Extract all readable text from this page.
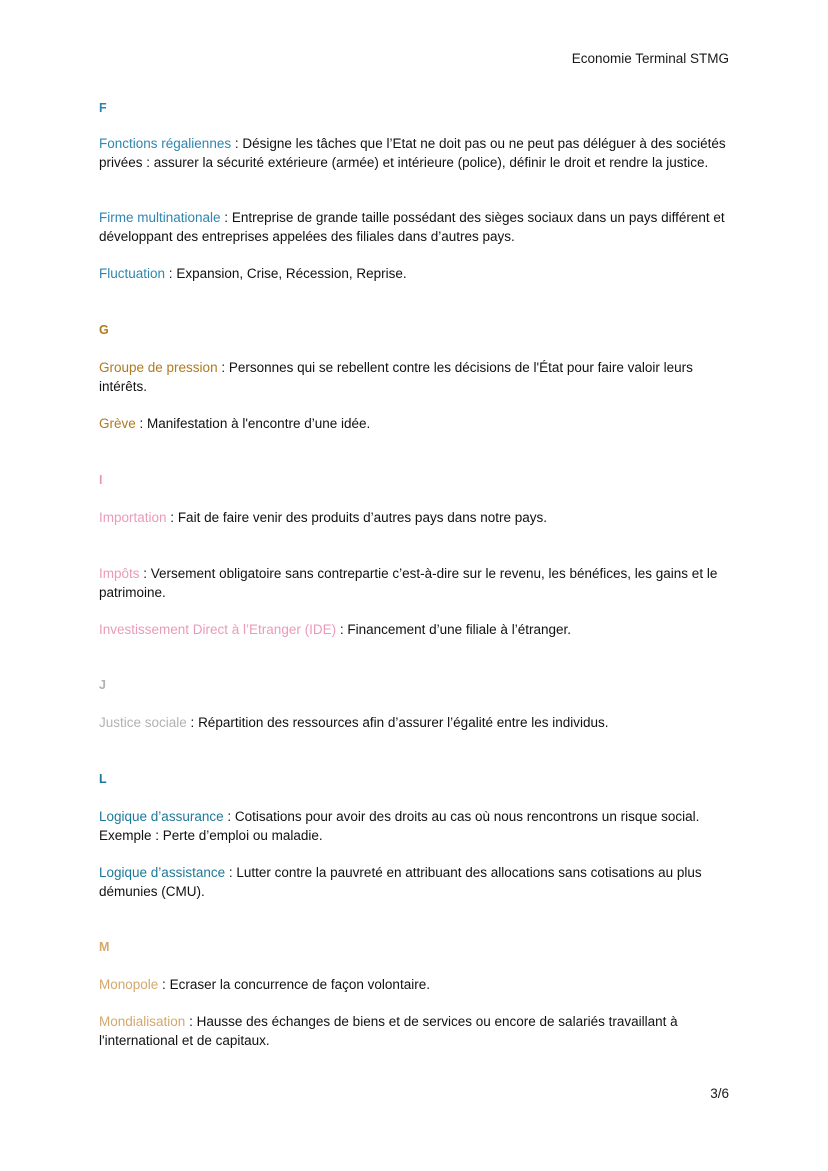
Economie Terminal STMG
F

Fonctions régaliennes : Désigne les tâches que l’Etat ne doit pas ou ne peut pas déléguer à des sociétés privées : assurer la sécurité extérieure (armée) et intérieure (police), définir le droit et rendre la justice.

Firme multinationale : Entreprise de grande taille possédant des sièges sociaux dans un pays différent et développant des entreprises appelées des filiales dans d’autres pays.

Fluctuation : Expansion, Crise, Récession, Reprise.

G

Groupe de pression : Personnes qui se rebellent contre les décisions de l'État pour faire valoir leurs intérêts.

Grève : Manifestation à l'encontre d’une idée.

I

Importation : Fait de faire venir des produits d’autres pays dans notre pays.

Impôts : Versement obligatoire sans contrepartie c’est-à-dire sur le revenu, les bénéfices, les gains et le patrimoine.

Investissement Direct à l’Etranger (IDE) : Financement d’une filiale à l’étranger.

J

Justice sociale : Répartition des ressources afin d’assurer l’égalité entre les individus.

L

Logique d’assurance : Cotisations pour avoir des droits au cas où nous rencontrons un risque social.
Exemple : Perte d’emploi ou maladie.

Logique d’assistance : Lutter contre la pauvreté en attribuant des allocations sans cotisations au plus démunies (CMU).

M

Monopole : Ecraser la concurrence de façon volontaire.

Mondialisation : Hausse des échanges de biens et de services ou encore de salariés travaillant à l'international et de capitaux.

3/6
